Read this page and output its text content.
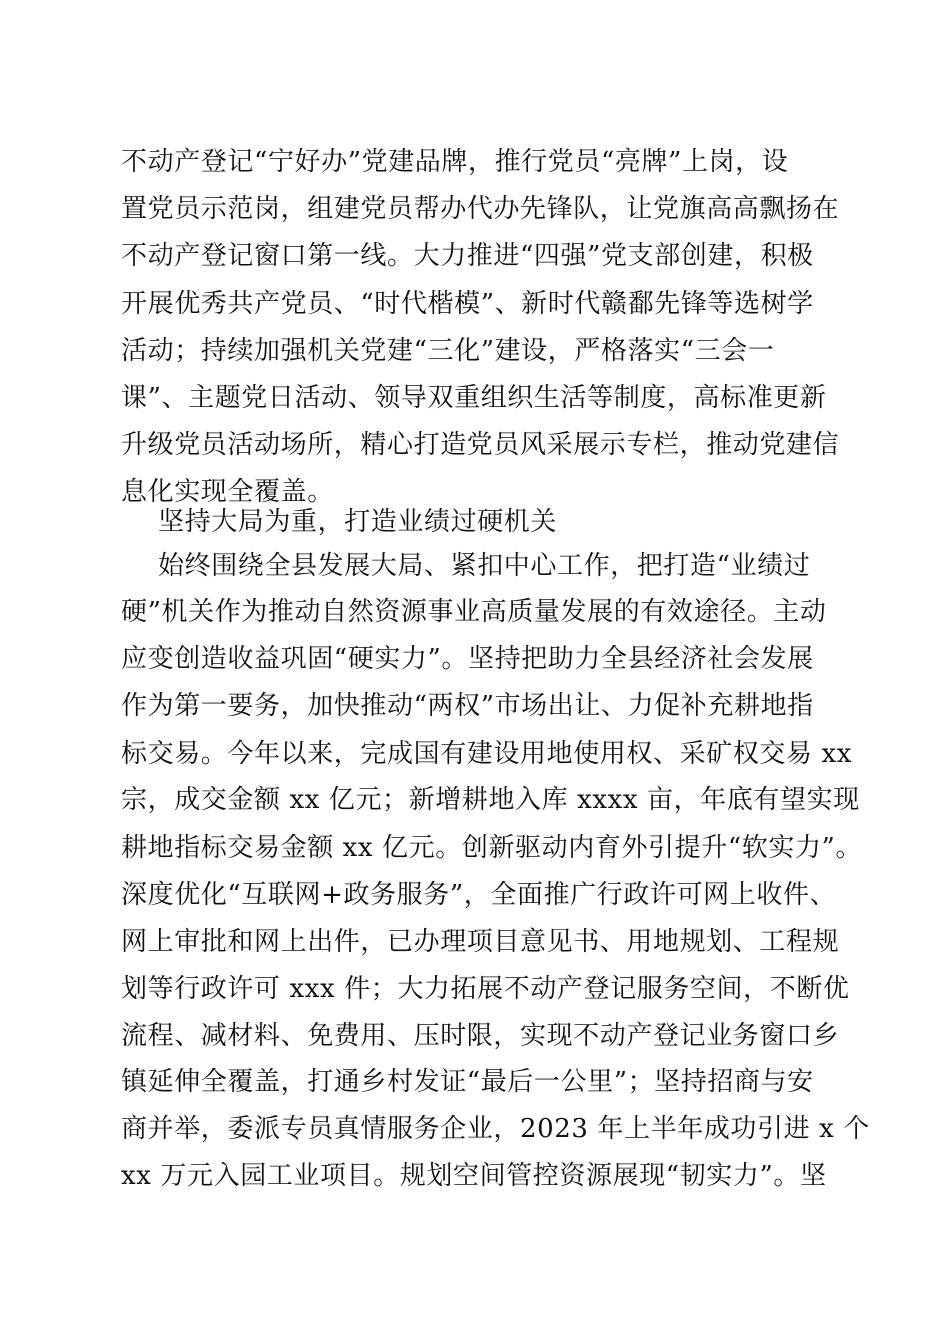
不动产登记“宁好办”党建品牌，推行党员“亮牌”上岗，设
置党员示范岗，组建党员帮办代办先锋队，让党旗高高飘扬在
不动产登记窗口第一线。大力推进“四强”党支部创建，积极
开展优秀共产党员、“时代楷模”、新时代赣鄱先锋等选树学
活动；持续加强机关党建“三化”建设，严格落实“三会一
课”、主题党日活动、领导双重组织生活等制度，高标准更新
升级党员活动场所，精心打造党员风采展示专栏，推动党建信
息化实现全覆盖。
坚持大局为重，打造业绩过硬机关
始终围绕全县发展大局、紧扣中心工作，把打造“业绩过
硬”机关作为推动自然资源事业高质量发展的有效途径。主动
应变创造收益巩固“硬实力”。坚持把助力全县经济社会发展
作为第一要务，加快推动“两权”市场出让、力促补充耕地指
标交易。今年以来，完成国有建设用地使用权、采矿权交易 xx
宗，成交金额 xx 亿元；新增耕地入库 xxxx 亩，年底有望实现
耕地指标交易金额 xx 亿元。创新驱动内育外引提升“软实力”。
深度优化“互联网+政务服务”，全面推广行政许可网上收件、
网上审批和网上出件，已办理项目意见书、用地规划、工程规
划等行政许可 xxx 件；大力拓展不动产登记服务空间，不断优
流程、减材料、免费用、压时限，实现不动产登记业务窗口乡
镇延伸全覆盖，打通乡村发证“最后一公里”；坚持招商与安
商并举，委派专员真情服务企业，2023 年上半年成功引进 x 个
xx 万元入园工业项目。规划空间管控资源展现“韧实力”。坚
